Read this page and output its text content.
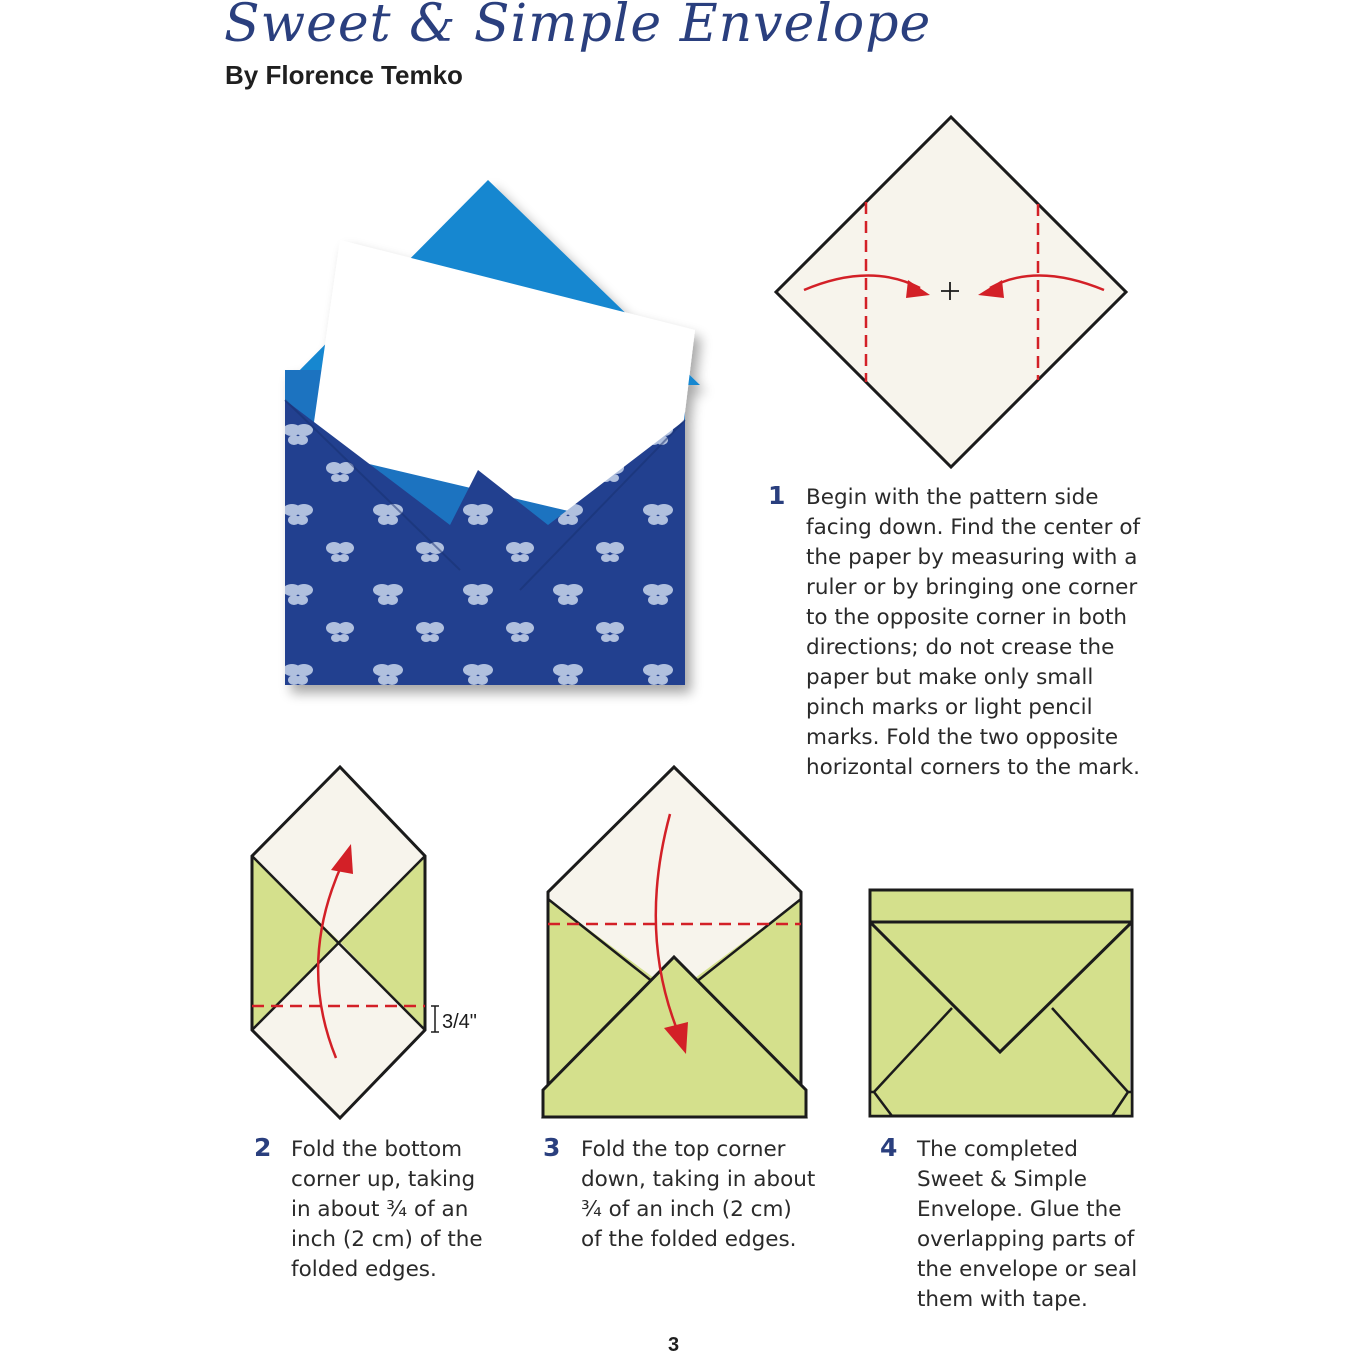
Sweet & Simple Envelope
By Florence Temko
3/4"
1 Begin with the pattern side
facing down. Find the center of
the paper by measuring with a
ruler or by bringing one corner
to the opposite corner in both
directions; do not crease the
paper but make only small
pinch marks or light pencil
marks. Fold the two opposite
horizontal corners to the mark.
2 Fold the bottom
corner up, taking
in about ¾ of an
inch (2 cm) of the
folded edges.
3 Fold the top corner
down, taking in about
¾ of an inch (2 cm)
of the folded edges.
4 The completed
Sweet & Simple
Envelope. Glue the
overlapping parts of
the envelope or seal
them with tape.
3
